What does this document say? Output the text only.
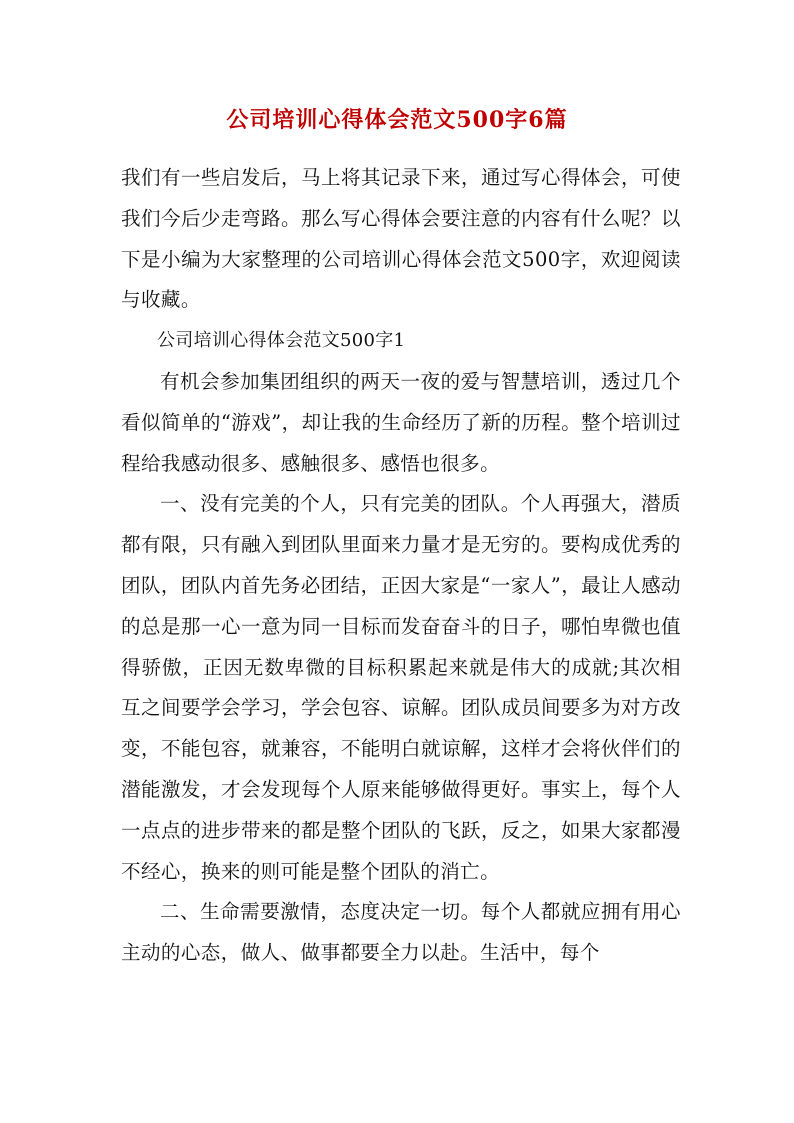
公司培训心得体会范文500字6篇

我们有一些启发后，马上将其记录下来，通过写心得体会，可使我们今后少走弯路。那么写心得体会要注意的内容有什么呢？以下是小编为大家整理的公司培训心得体会范文500字，欢迎阅读与收藏。

公司培训心得体会范文500字1

有机会参加集团组织的两天一夜的爱与智慧培训，透过几个看似简单的“游戏”，却让我的生命经历了新的历程。整个培训过程给我感动很多、感触很多、感悟也很多。

一、没有完美的个人，只有完美的团队。个人再强大，潜质都有限，只有融入到团队里面来力量才是无穷的。要构成优秀的团队，团队内首先务必团结，正因大家是“一家人”，最让人感动的总是那一心一意为同一目标而发奋奋斗的日子，哪怕卑微也值得骄傲，正因无数卑微的目标积累起来就是伟大的成就;其次相互之间要学会学习，学会包容、谅解。团队成员间要多为对方改变，不能包容，就兼容，不能明白就谅解，这样才会将伙伴们的潜能激发，才会发现每个人原来能够做得更好。事实上，每个人一点点的进步带来的都是整个团队的飞跃，反之，如果大家都漫不经心，换来的则可能是整个团队的消亡。

二、生命需要激情，态度决定一切。每个人都就应拥有用心主动的心态，做人、做事都要全力以赴。生活中，每个
